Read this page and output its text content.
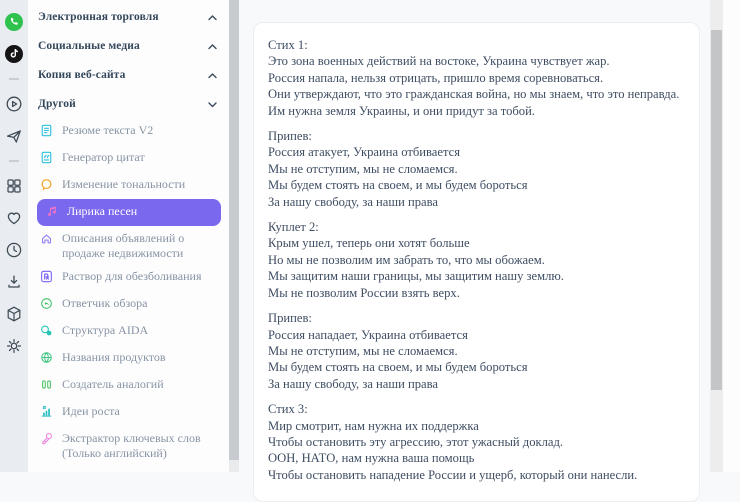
Электронная торговля
Социальные медиа
Копия веб-сайта
Другой
Резюме текста V2
Генератор цитат
Изменение тональности
Лирика песен
Описания объявлений о продаже недвижимости
Раствор для обезболивания
Ответчик обзора
Структура AIDA
Названия продуктов
Создатель аналогий
Идеи роста
Экстрактор ключевых слов (Только английский)
Стих 1:
Это зона военных действий на востоке, Украина чувствует жар.
Россия напала, нельзя отрицать, пришло время соревноваться.
Они утверждают, что это гражданская война, но мы знаем, что это неправда.
Им нужна земля Украины, и они придут за тобой.
Припев:
Россия атакует, Украина отбивается
Мы не отступим, мы не сломаемся.
Мы будем стоять на своем, и мы будем бороться
За нашу свободу, за наши права
Куплет 2:
Крым ушел, теперь они хотят больше
Но мы не позволим им забрать то, что мы обожаем.
Мы защитим наши границы, мы защитим нашу землю.
Мы не позволим России взять верх.
Припев:
Россия нападает, Украина отбивается
Мы не отступим, мы не сломаемся.
Мы будем стоять на своем, и мы будем бороться
За нашу свободу, за наши права
Стих 3:
Мир смотрит, нам нужна их поддержка
Чтобы остановить эту агрессию, этот ужасный доклад.
ООН, НАТО, нам нужна ваша помощь
Чтобы остановить нападение России и ущерб, который они нанесли.
